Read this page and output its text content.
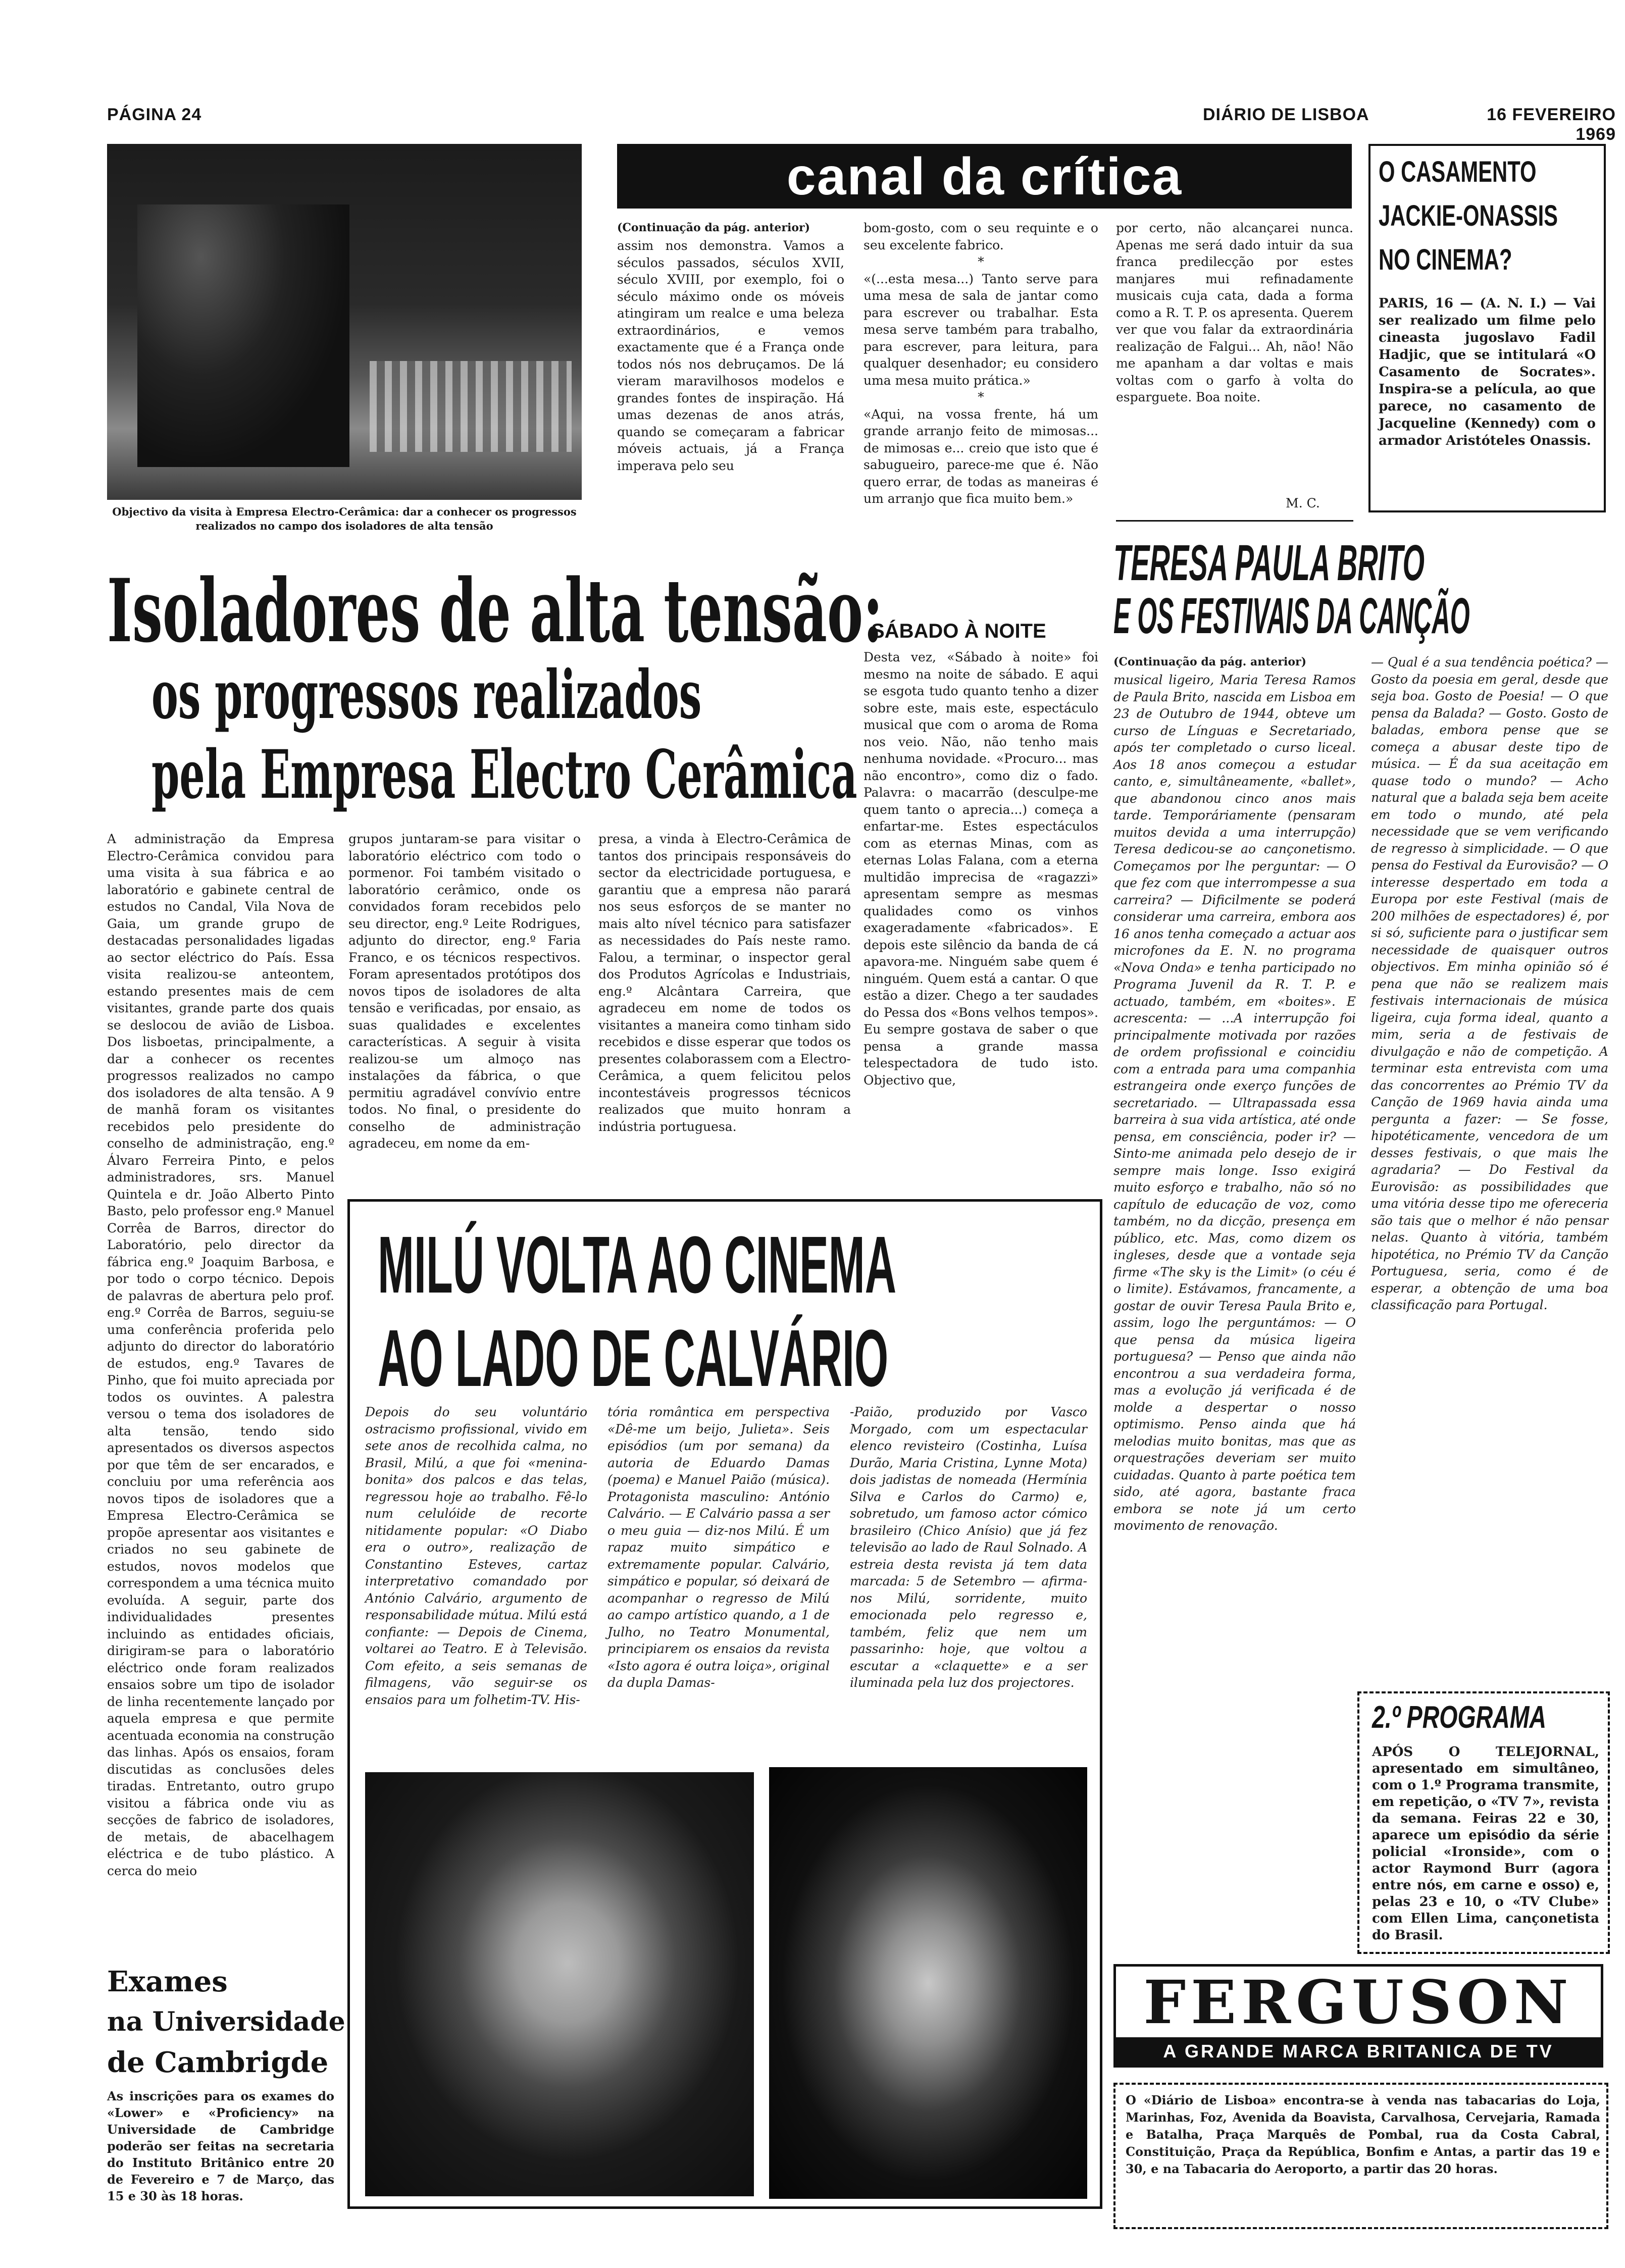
PÁGINA 24	DIÁRIO DE LISBOA	16 FEVEREIRO 1969
Objectivo da visita à Empresa Electro-Cerâmica: dar a conhecer os progressos realizados no campo dos isoladores de alta tensão
canal da crítica
(Continuação da pág. anterior)
assim nos demonstra. Vamos a séculos passados, séculos XVII, século XVIII, por exemplo, foi o século máximo onde os móveis atingiram um realce e uma beleza extraordinários, e vemos exactamente que é a França onde todos nós nos debruçamos. De lá vieram maravilhosos modelos e grandes fontes de inspiração. Há umas dezenas de anos atrás, quando se começaram a fabricar móveis actuais, já a França imperava pelo seu

bom-gosto, com o seu requinte e o seu excelente fabrico.

*

«(...esta mesa...) Tanto serve para uma mesa de sala de jantar como para escrever ou trabalhar. Esta mesa serve também para trabalho, para escrever, para leitura, para qualquer desenhador; eu considero uma mesa muito prática.»

*

«Aqui, na vossa frente, há um grande arranjo feito de mimosas... de mimosas e... creio que isto que é sabugueiro, parece-me que é. Não quero errar, de todas as maneiras é um arranjo que fica muito bem.»

por certo, não alcançarei nunca. Apenas me será dado intuir da sua franca predilecção por estes manjares mui refinadamente musicais cuja cata, dada a forma como a R. T. P. os apresenta. Querem ver que vou falar da extraordinária realização de Falgui... Ah, não! Não me apanham a dar voltas e mais voltas com o garfo à volta do esparguete. Boa noite.
M. C.
O CASAMENTO
JACKIE-ONASSIS
NO CINEMA?
PARIS, 16 — (A. N. I.) — Vai ser realizado um filme pelo cineasta jugoslavo Fadil Hadjic, que se intitulará «O Casamento de Socrates». Inspira-se a película, ao que parece, no casamento de Jacqueline (Kennedy) com o armador Aristóteles Onassis.
Isoladores de alta tensão:
os progressos realizados
pela Empresa Electro Cerâmica
SÁBADO À NOITE
Desta vez, «Sábado à noite» foi mesmo na noite de sábado. E aqui se esgota tudo quanto tenho a dizer sobre este, mais este, espectáculo musical que com o aroma de Roma nos veio. Não, não tenho mais nenhuma novidade. «Procuro... mas não encontro», como diz o fado. Palavra: o macarrão (desculpe-me quem tanto o aprecia...) começa a enfartar-me. Estes espectáculos com as eternas Minas, com as eternas Lolas Falana, com a eterna multidão imprecisa de «ragazzi» apresentam sempre as mesmas qualidades como os vinhos exageradamente «fabricados». E depois este silêncio da banda de cá apavora-me. Ninguém sabe quem é ninguém. Quem está a cantar. O que estão a dizer. Chego a ter saudades do Pessa dos «Bons velhos tempos». Eu sempre gostava de saber o que pensa a grande massa telespectadora de tudo isto. Objectivo que,
A administração da Empresa Electro-Cerâmica convidou para uma visita à sua fábrica e ao laboratório e gabinete central de estudos no Candal, Vila Nova de Gaia, um grande grupo de destacadas personalidades ligadas ao sector eléctrico do País. Essa visita realizou-se anteontem, estando presentes mais de cem visitantes, grande parte dos quais se deslocou de avião de Lisboa. Dos lisboetas, principalmente, a dar a conhecer os recentes progressos realizados no campo dos isoladores de alta tensão. A 9 de manhã foram os visitantes recebidos pelo presidente do conselho de administração, eng.º Álvaro Ferreira Pinto, e pelos administradores, srs. Manuel Quintela e dr. João Alberto Pinto Basto, pelo professor eng.º Manuel Corrêa de Barros, director do Laboratório, pelo director da fábrica eng.º Joaquim Barbosa, e por todo o corpo técnico. Depois de palavras de abertura pelo prof. eng.º Corrêa de Barros, seguiu-se uma conferência proferida pelo adjunto do director do laboratório de estudos, eng.º Tavares de Pinho, que foi muito apreciada por todos os ouvintes. A palestra versou o tema dos isoladores de alta tensão, tendo sido apresentados os diversos aspectos por que têm de ser encarados, e concluiu por uma referência aos novos tipos de isoladores que a Empresa Electro-Cerâmica se propõe apresentar aos visitantes e criados no seu gabinete de estudos, novos modelos que correspondem a uma técnica muito evoluída. A seguir, parte dos individualidades presentes incluindo as entidades oficiais, dirigiram-se para o laboratório eléctrico onde foram realizados ensaios sobre um tipo de isolador de linha recentemente lançado por aquela empresa e que permite acentuada economia na construção das linhas. Após os ensaios, foram discutidas as conclusões deles tiradas. Entretanto, outro grupo visitou a fábrica onde viu as secções de fabrico de isoladores, de metais, de abacelhagem eléctrica e de tubo plástico. A cerca do meio
grupos juntaram-se para visitar o laboratório eléctrico com todo o pormenor. Foi também visitado o laboratório cerâmico, onde os convidados foram recebidos pelo seu director, eng.º Leite Rodrigues, adjunto do director, eng.º Faria Franco, e os técnicos respectivos. Foram apresentados protótipos dos novos tipos de isoladores de alta tensão e verificadas, por ensaio, as suas qualidades e excelentes características. A seguir à visita realizou-se um almoço nas instalações da fábrica, o que permitiu agradável convívio entre todos. No final, o presidente do conselho de administração agradeceu, em nome da em-
presa, a vinda à Electro-Cerâmica de tantos dos principais responsáveis do sector da electricidade portuguesa, e garantiu que a empresa não parará nos seus esforços de se manter no mais alto nível técnico para satisfazer as necessidades do País neste ramo. Falou, a terminar, o inspector geral dos Produtos Agrícolas e Industriais, eng.º Alcântara Carreira, que agradeceu em nome de todos os visitantes a maneira como tinham sido recebidos e disse esperar que todos os presentes colaborassem com a Electro-Cerâmica, a quem felicitou pelos incontestáveis progressos técnicos realizados que muito honram a indústria portuguesa.
TERESA PAULA BRITO
E OS FESTIVAIS DA CANÇÃO
(Continuação da pág. anterior)
musical ligeiro, Maria Teresa Ramos de Paula Brito, nascida em Lisboa em 23 de Outubro de 1944, obteve um curso de Línguas e Secretariado, após ter completado o curso liceal. Aos 18 anos começou a estudar canto, e, simultâneamente, «ballet», que abandonou cinco anos mais tarde. Temporáriamente (pensaram muitos devida a uma interrupção) Teresa dedicou-se ao cançonetismo. Começamos por lhe perguntar: — O que fez com que interrompesse a sua carreira? — Dificilmente se poderá considerar uma carreira, embora aos 16 anos tenha começado a actuar aos microfones da E. N. no programa «Nova Onda» e tenha participado no Programa Juvenil da R. T. P. e actuado, também, em «boites». E acrescenta: — ...A interrupção foi principalmente motivada por razões de ordem profissional e coincidiu com a entrada para uma companhia estrangeira onde exerço funções de secretariado. — Ultrapassada essa barreira à sua vida artística, até onde pensa, em consciência, poder ir? — Sinto-me animada pelo desejo de ir sempre mais longe. Isso exigirá muito esforço e trabalho, não só no capítulo de educação de voz, como também, no da dicção, presença em público, etc. Mas, como dizem os ingleses, desde que a vontade seja firme «The sky is the Limit» (o céu é o limite). Estávamos, francamente, a gostar de ouvir Teresa Paula Brito e, assim, logo lhe perguntámos: — O que pensa da música ligeira portuguesa? — Penso que ainda não encontrou a sua verdadeira forma, mas a evolução já verificada é de molde a despertar o nosso optimismo. Penso ainda que há melodias muito bonitas, mas que as orquestrações deveriam ser muito cuidadas. Quanto à parte poética tem sido, até agora, bastante fraca embora se note já um certo movimento de renovação.
— Qual é a sua tendência poética? — Gosto da poesia em geral, desde que seja boa. Gosto de Poesia! — O que pensa da Balada? — Gosto. Gosto de baladas, embora pense que se começa a abusar deste tipo de música. — É da sua aceitação em quase todo o mundo? — Acho natural que a balada seja bem aceite em todo o mundo, até pela necessidade que se vem verificando de regresso à simplicidade. — O que pensa do Festival da Eurovisão? — O interesse despertado em toda a Europa por este Festival (mais de 200 milhões de espectadores) é, por si só, suficiente para o justificar sem necessidade de quaisquer outros objectivos. Em minha opinião só é pena que não se realizem mais festivais internacionais de música ligeira, cuja forma ideal, quanto a mim, seria a de festivais de divulgação e não de competição. A terminar esta entrevista com uma das concorrentes ao Prémio TV da Canção de 1969 havia ainda uma pergunta a fazer: — Se fosse, hipotéticamente, vencedora de um desses festivais, o que mais lhe agradaria? — Do Festival da Eurovisão: as possibilidades que uma vitória desse tipo me ofereceria são tais que o melhor é não pensar nelas. Quanto à vitória, também hipotética, no Prémio TV da Canção Portuguesa, seria, como é de esperar, a obtenção de uma boa classificação para Portugal.
MILÚ VOLTA AO CINEMA
AO LADO DE CALVÁRIO
Depois do seu voluntário ostracismo profissional, vivido em sete anos de recolhida calma, no Brasil, Milú, a que foi «menina-bonita» dos palcos e das telas, regressou hoje ao trabalho. Fê-lo num celulóide de recorte nitidamente popular: «O Diabo era o outro», realização de Constantino Esteves, cartaz interpretativo comandado por António Calvário, argumento de responsabilidade mútua. Milú está confiante: — Depois de Cinema, voltarei ao Teatro. E à Televisão. Com efeito, a seis semanas de filmagens, vão seguir-se os ensaios para um folhetim-TV. His-
tória romântica em perspectiva «Dê-me um beijo, Julieta». Seis episódios (um por semana) da autoria de Eduardo Damas (poema) e Manuel Paião (música). Protagonista masculino: António Calvário. — E Calvário passa a ser o meu guia — diz-nos Milú. É um rapaz muito simpático e extremamente popular. Calvário, simpático e popular, só deixará de acompanhar o regresso de Milú ao campo artístico quando, a 1 de Julho, no Teatro Monumental, principiarem os ensaios da revista «Isto agora é outra loiça», original da dupla Damas-
-Paião, produzido por Vasco Morgado, com um espectacular elenco revisteiro (Costinha, Luísa Durão, Maria Cristina, Lynne Mota) dois jadistas de nomeada (Hermínia Silva e Carlos do Carmo) e, sobretudo, um famoso actor cómico brasileiro (Chico Anísio) que já fez televisão ao lado de Raul Solnado. A estreia desta revista já tem data marcada: 5 de Setembro — afirma-nos Milú, sorridente, muito emocionada pelo regresso e, também, feliz que nem um passarinho: hoje, que voltou a escutar a «claquette» e a ser iluminada pela luz dos projectores.
Exames
na Universidade
de Cambrigde
As inscrições para os exames do «Lower» e «Proficiency» na Universidade de Cambridge poderão ser feitas na secretaria do Instituto Britânico entre 20 de Fevereiro e 7 de Março, das 15 e 30 às 18 horas.
2.º PROGRAMA
APÓS O TELEJORNAL, apresentado em simultâneo, com o 1.º Programa transmite, em repetição, o «TV 7», revista da semana. Feiras 22 e 30, aparece um episódio da série policial «Ironside», com o actor Raymond Burr (agora entre nós, em carne e osso) e, pelas 23 e 10, o «TV Clube» com Ellen Lima, cançonetista do Brasil.
FERGUSON
A GRANDE MARCA BRITANICA DE TV
O «Diário de Lisboa» encontra-se à venda nas tabacarias do Loja, Marinhas, Foz, Avenida da Boavista, Carvalhosa, Cervejaria, Ramada e Batalha, Praça Marquês de Pombal, rua da Costa Cabral, Constituição, Praça da República, Bonfim e Antas, a partir das 19 e 30, e na Tabacaria do Aeroporto, a partir das 20 horas.
